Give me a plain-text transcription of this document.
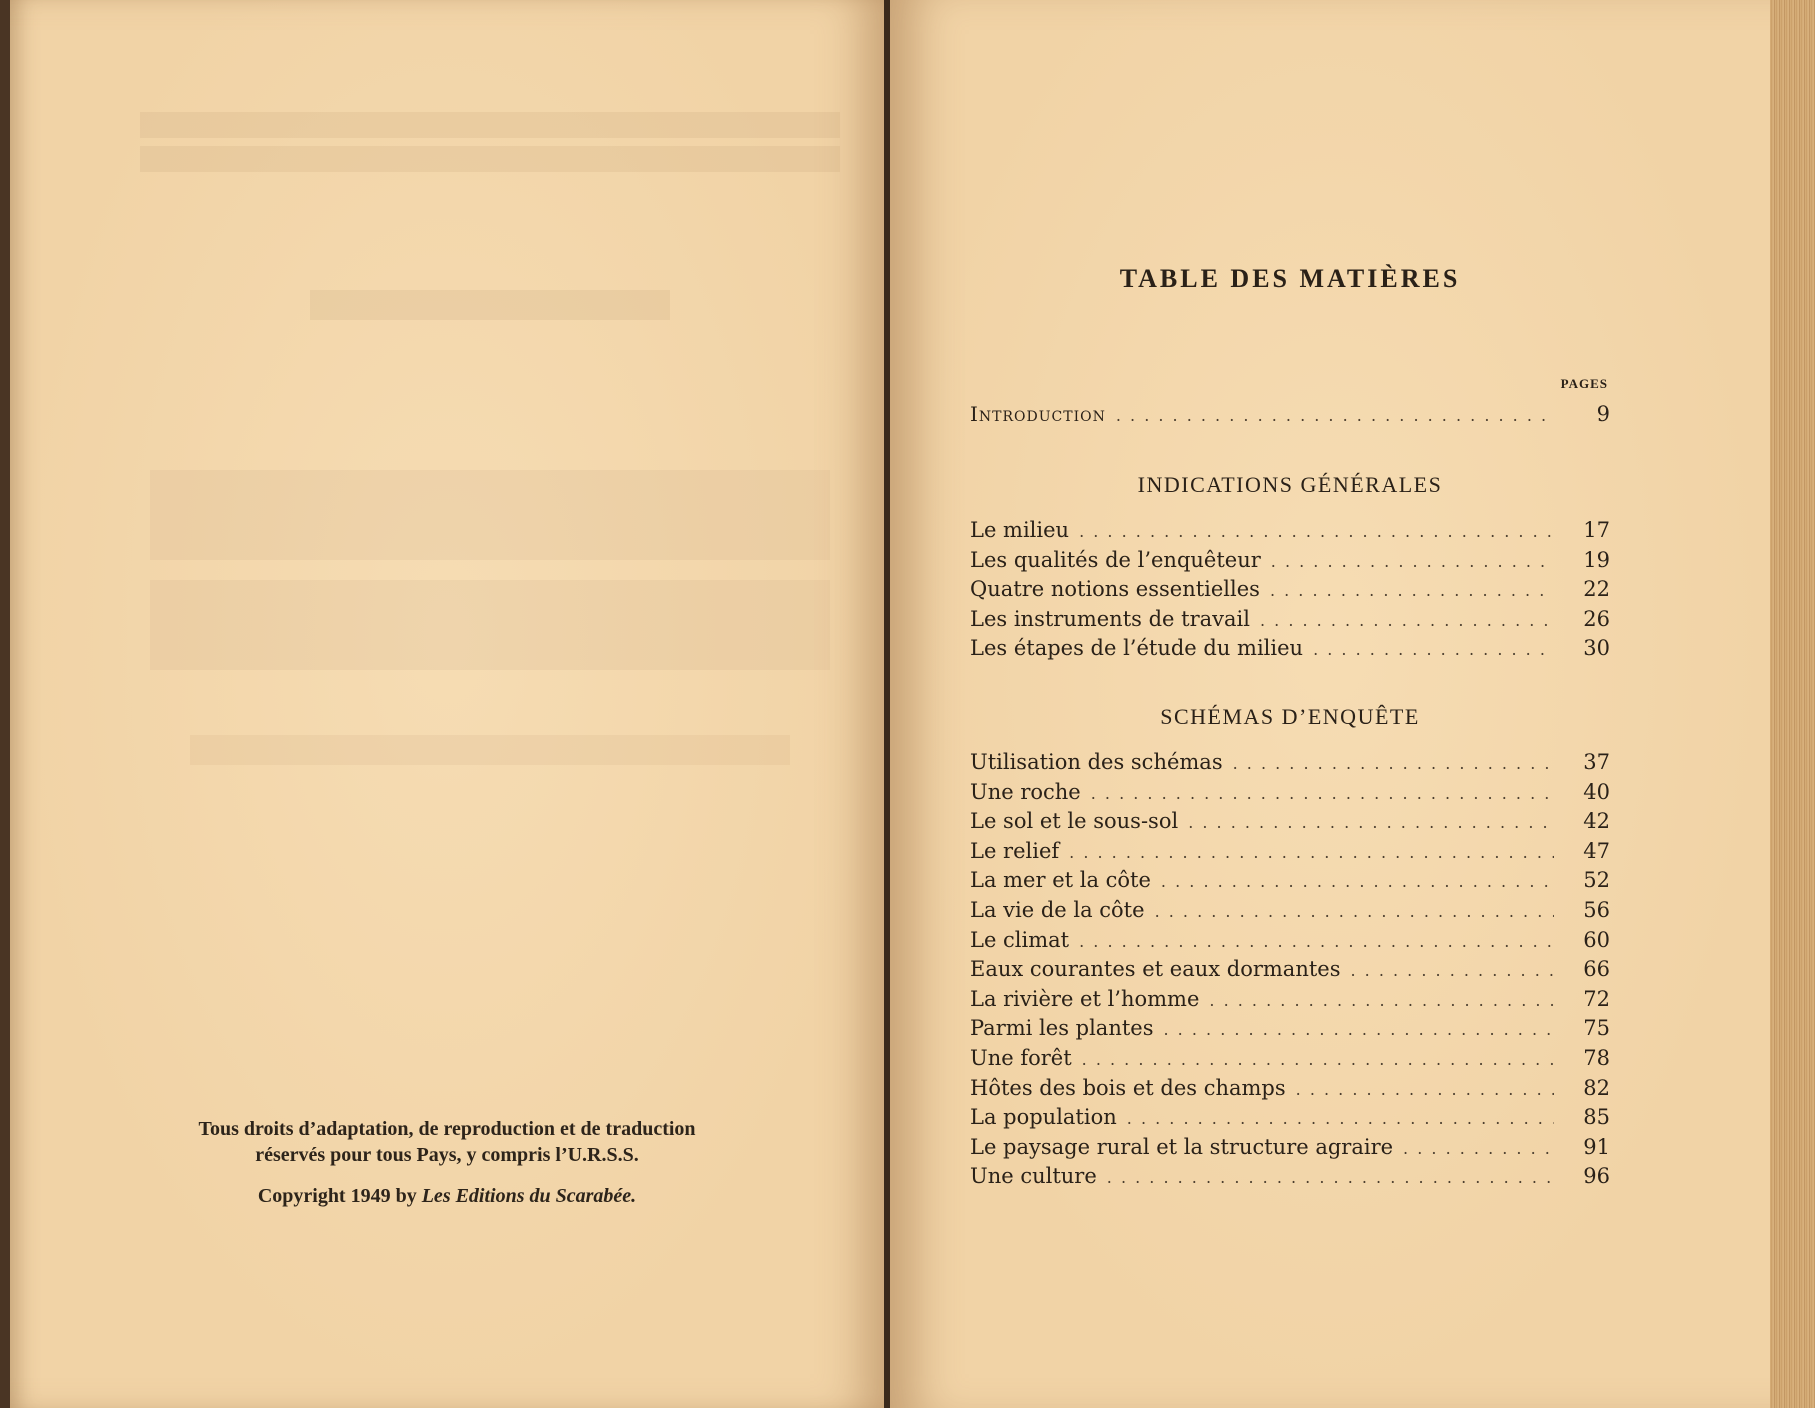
Tous droits d’adaptation, de reproduction et de traduction
réservés pour tous Pays, y compris l’U.R.S.S.
Copyright 1949 by Les Editions du Scarabée.
TABLE DES MATIÈRES
PAGES
Introduction . . .	9
INDICATIONS GÉNÉRALES
Le milieu . . .	17
Les qualités de l’enquêteur . . .	19
Quatre notions essentielles . . .	22
Les instruments de travail . . .	26
Les étapes de l’étude du milieu . . .	30
SCHÉMAS D’ENQUÊTE
Utilisation des schémas . . .	37
Une roche . . .	40
Le sol et le sous-sol . . .	42
Le relief . . .	47
La mer et la côte . . .	52
La vie de la côte . . .	56
Le climat . . .	60
Eaux courantes et eaux dormantes . . .	66
La rivière et l’homme . . .	72
Parmi les plantes . . .	75
Une forêt . . .	78
Hôtes des bois et des champs . . .	82
La population . . .	85
Le paysage rural et la structure agraire . . .	91
Une culture . . .	96
